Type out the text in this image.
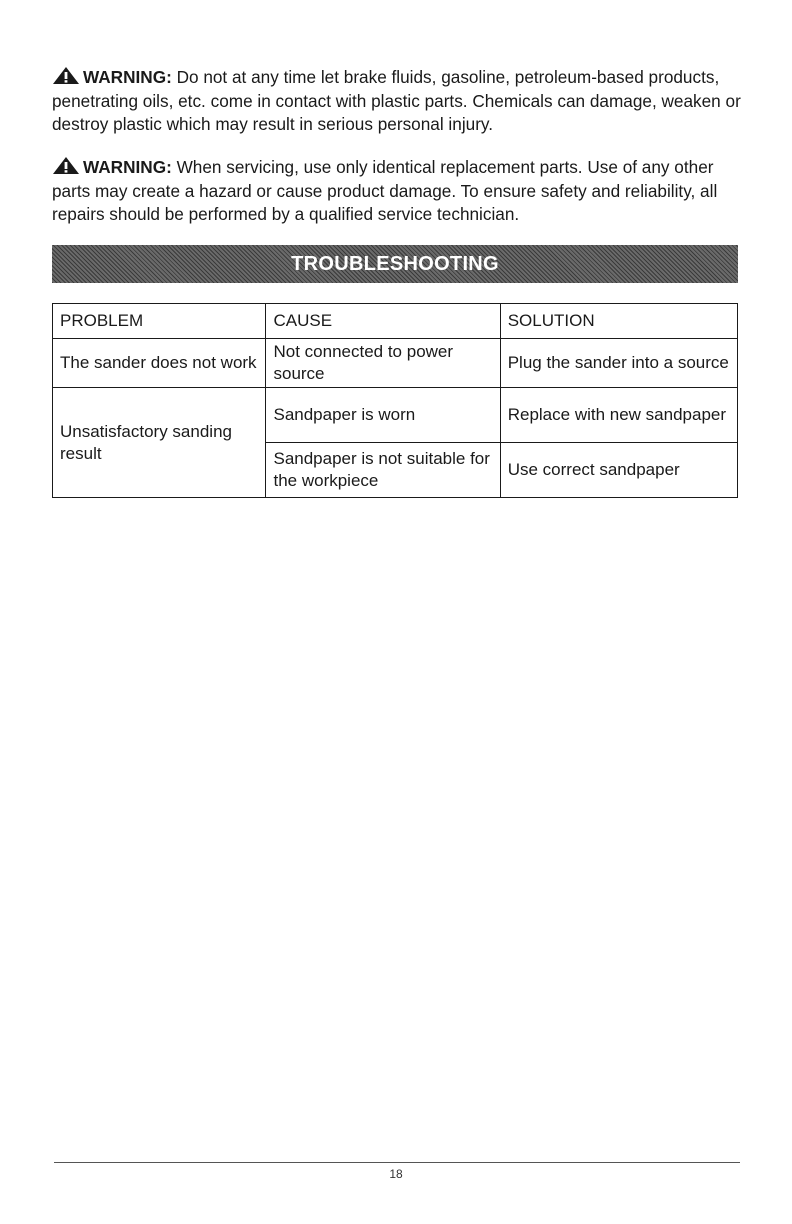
WARNING: Do not at any time let brake fluids, gasoline, petroleum-based products, penetrating oils, etc. come in contact with plastic parts. Chemicals can damage, weaken or destroy plastic which may result in serious personal injury.

WARNING: When servicing, use only identical replacement parts. Use of any other parts may create a hazard or cause product damage. To ensure safety and reliability, all repairs should be performed by a qualified service technician.

TROUBLESHOOTING
PROBLEM	CAUSE	SOLUTION
The sander does not work	Not connected to power source	Plug the sander into a source
Unsatisfactory sanding result	Sandpaper is worn	Replace with new sandpaper
	Sandpaper is not suitable for the workpiece	Use correct sandpaper
18
